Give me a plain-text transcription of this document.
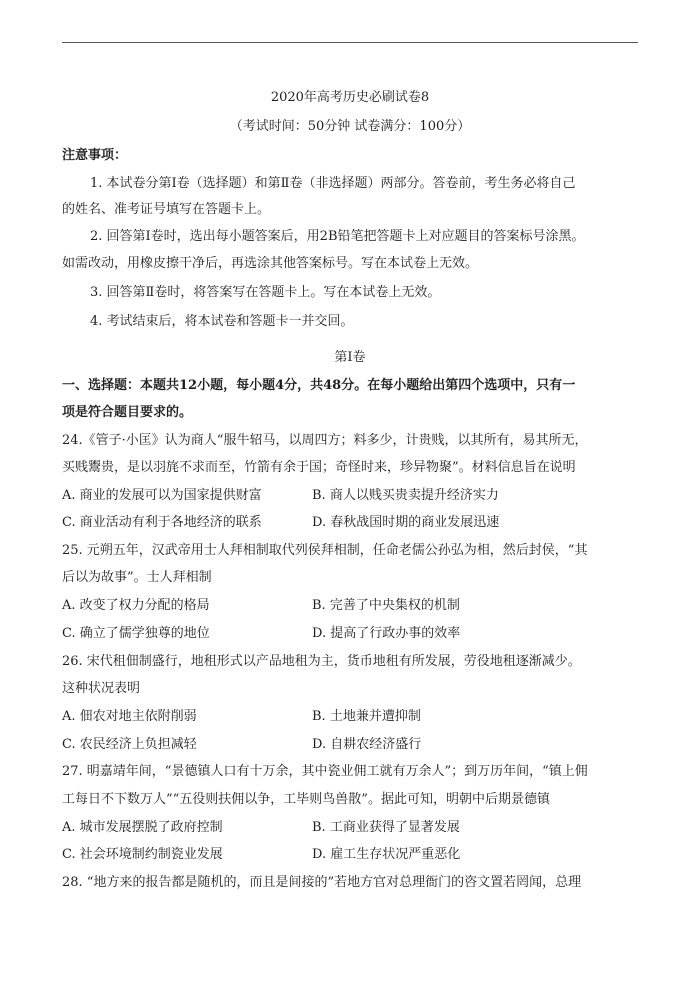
2020年高考历史必刷试卷8
（考试时间：50分钟 试卷满分：100分）
注意事项：
1. 本试卷分第Ⅰ卷（选择题）和第Ⅱ卷（非选择题）两部分。答卷前，考生务必将自己
的姓名、准考证号填写在答题卡上。
2. 回答第Ⅰ卷时，选出每小题答案后，用2B铅笔把答题卡上对应题目的答案标号涂黑。
如需改动，用橡皮擦干净后，再选涂其他答案标号。写在本试卷上无效。
3. 回答第Ⅱ卷时，将答案写在答题卡上。写在本试卷上无效。
4. 考试结束后，将本试卷和答题卡一并交回。
第Ⅰ卷
一、选择题：本题共12小题，每小题4分，共48分。在每小题给出第四个选项中，只有一
项是符合题目要求的。
24.《管子·小匡》认为商人“服牛轺马，以周四方；料多少，计贵贱，以其所有，易其所无，
买贱鬻贵，是以羽旄不求而至，竹箭有余于国；奇怪时来，珍异物聚”。材料信息旨在说明
A. 商业的发展可以为国家提供财富	B. 商人以贱买贵卖提升经济实力
C. 商业活动有利于各地经济的联系	D. 春秋战国时期的商业发展迅速
25. 元朔五年，汉武帝用士人拜相制取代列侯拜相制，任命老儒公孙弘为相，然后封侯，“其
后以为故事”。士人拜相制
A. 改变了权力分配的格局	B. 完善了中央集权的机制
C. 确立了儒学独尊的地位	D. 提高了行政办事的效率
26. 宋代租佃制盛行，地租形式以产品地租为主，货币地租有所发展，劳役地租逐渐减少。
这种状况表明
A. 佃农对地主依附削弱	B. 土地兼并遭抑制
C. 农民经济上负担减轻	D. 自耕农经济盛行
27. 明嘉靖年间，“景德镇人口有十万余，其中瓷业佣工就有万余人”；到万历年间，“镇上佣
工每日不下数万人”“五役则扶佣以争，工毕则鸟兽散”。据此可知，明朝中后期景德镇
A. 城市发展摆脱了政府控制	B. 工商业获得了显著发展
C. 社会环境制约制瓷业发展	D. 雇工生存状况严重恶化
28. “地方来的报告都是随机的，而且是间接的”若地方官对总理衙门的咨文置若罔闻，总理
